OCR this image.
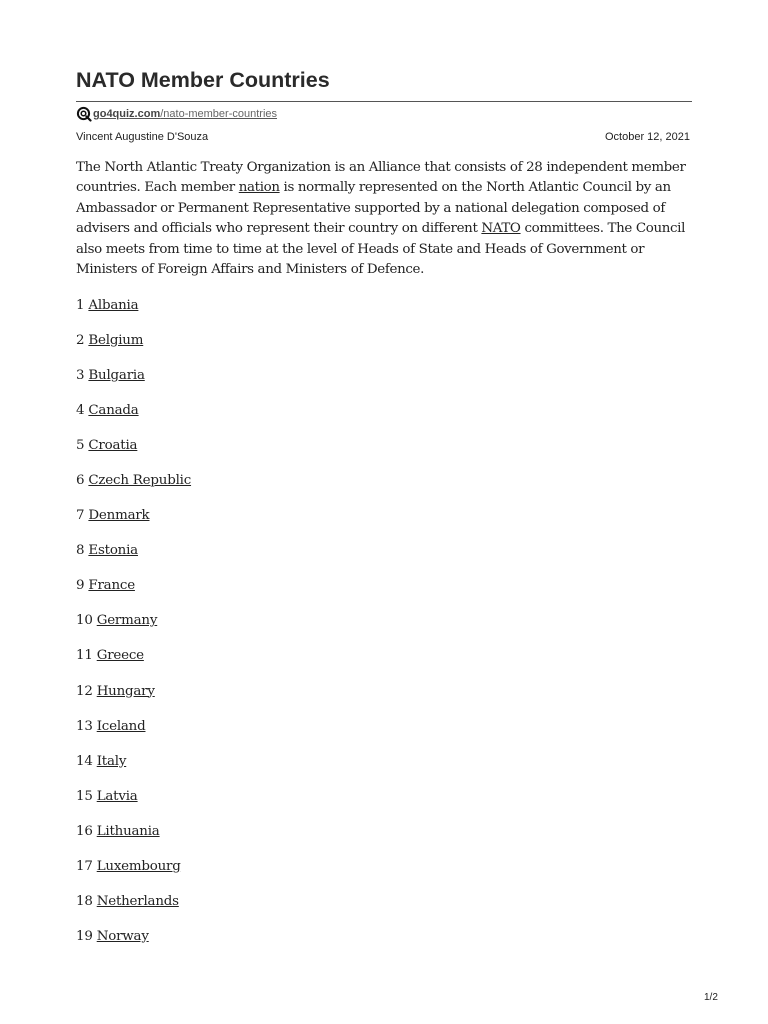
NATO Member Countries
go4quiz.com/nato-member-countries
Vincent Augustine D'Souza	October 12, 2021

The North Atlantic Treaty Organization is an Alliance that consists of 28 independent member countries. Each member nation is normally represented on the North Atlantic Council by an Ambassador or Permanent Representative supported by a national delegation composed of advisers and officials who represent their country on different NATO committees. The Council also meets from time to time at the level of Heads of State and Heads of Government or Ministers of Foreign Affairs and Ministers of Defence.

1 Albania
2 Belgium
3 Bulgaria
4 Canada
5 Croatia
6 Czech Republic
7 Denmark
8 Estonia
9 France
10 Germany
11 Greece
12 Hungary
13 Iceland
14 Italy
15 Latvia
16 Lithuania
17 Luxembourg
18 Netherlands
19 Norway
1/2
